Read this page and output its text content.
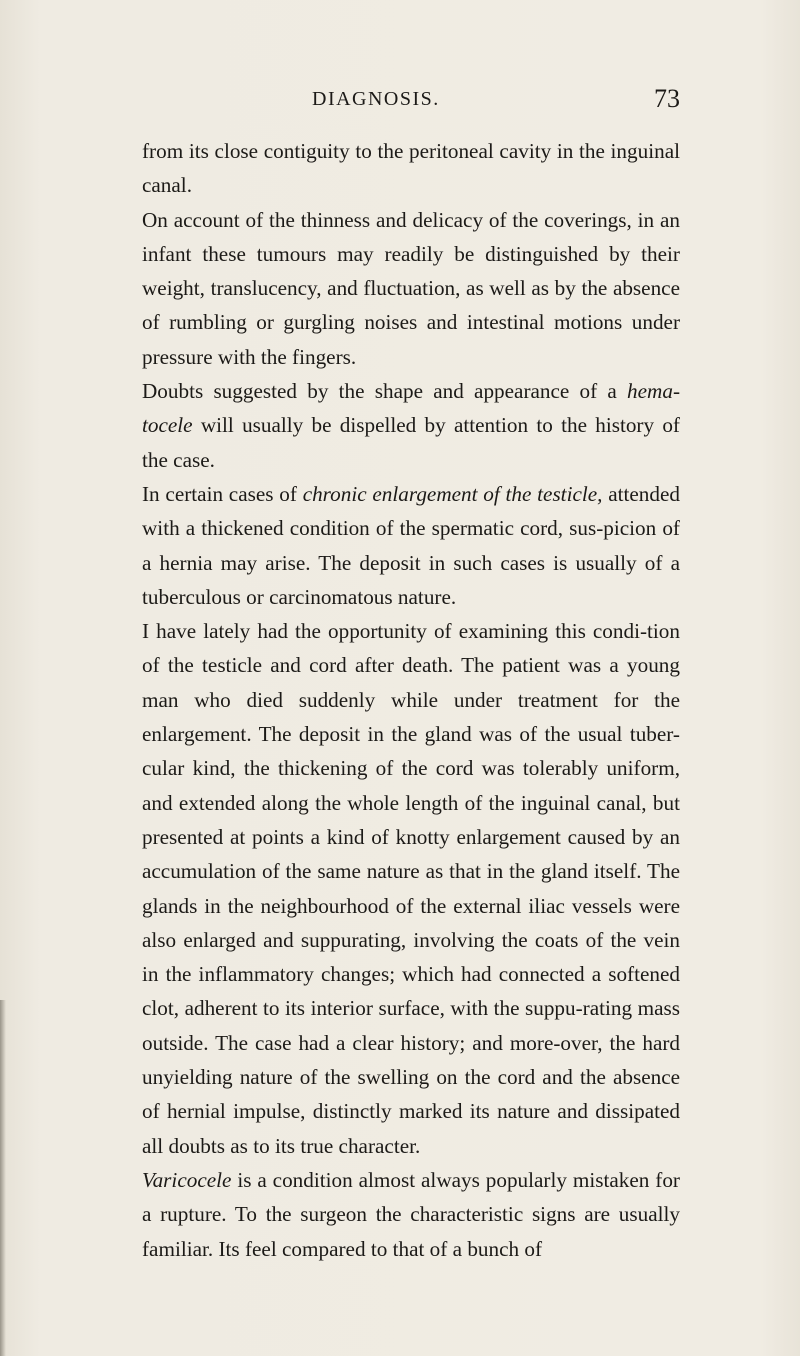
DIAGNOSIS.	73

from its close contiguity to the peritoneal cavity in the inguinal canal.

On account of the thinness and delicacy of the coverings, in an infant these tumours may readily be distinguished by their weight, translucency, and fluctuation, as well as by the absence of rumbling or gurgling noises and intestinal motions under pressure with the fingers.

Doubts suggested by the shape and appearance of a hema-tocele will usually be dispelled by attention to the history of the case.

In certain cases of chronic enlargement of the testicle, attended with a thickened condition of the spermatic cord, sus-picion of a hernia may arise. The deposit in such cases is usually of a tuberculous or carcinomatous nature.

I have lately had the opportunity of examining this condi-tion of the testicle and cord after death. The patient was a young man who died suddenly while under treatment for the enlargement. The deposit in the gland was of the usual tuber-cular kind, the thickening of the cord was tolerably uniform, and extended along the whole length of the inguinal canal, but presented at points a kind of knotty enlargement caused by an accumulation of the same nature as that in the gland itself. The glands in the neighbourhood of the external iliac vessels were also enlarged and suppurating, involving the coats of the vein in the inflammatory changes; which had connected a softened clot, adherent to its interior surface, with the suppu-rating mass outside. The case had a clear history; and more-over, the hard unyielding nature of the swelling on the cord and the absence of hernial impulse, distinctly marked its nature and dissipated all doubts as to its true character.

Varicocele is a condition almost always popularly mistaken for a rupture. To the surgeon the characteristic signs are usually familiar. Its feel compared to that of a bunch of
